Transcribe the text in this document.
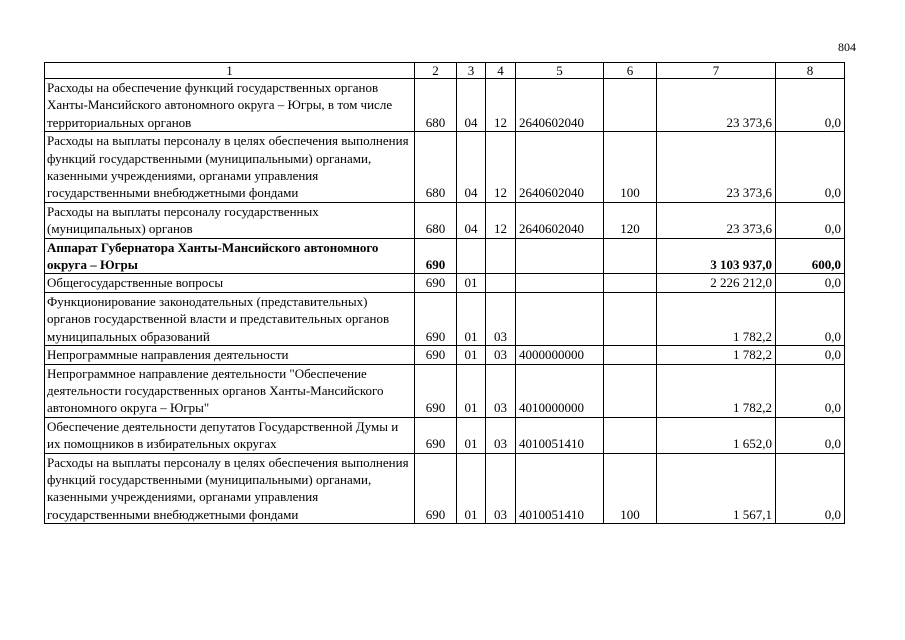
804
1	2	3	4	5	6	7	8
Расходы на обеспечение функций государственных органов Ханты-Мансийского автономного округа – Югры, в том числе территориальных органов	680	04	12	2640602040		23 373,6	0,0
Расходы на выплаты персоналу в целях обеспечения выполнения функций государственными (муниципальными) органами, казенными учреждениями, органами управления государственными внебюджетными фондами	680	04	12	2640602040	100	23 373,6	0,0
Расходы на выплаты персоналу государственных (муниципальных) органов	680	04	12	2640602040	120	23 373,6	0,0
Аппарат Губернатора Ханты-Мансийского автономного округа – Югры	690					3 103 937,0	600,0
Общегосударственные вопросы	690	01				2 226 212,0	0,0
Функционирование законодательных (представительных) органов государственной власти и представительных органов муниципальных образований	690	01	03			1 782,2	0,0
Непрограммные направления деятельности	690	01	03	4000000000		1 782,2	0,0
Непрограммное направление деятельности "Обеспечение деятельности государственных органов Ханты-Мансийского автономного округа – Югры"	690	01	03	4010000000		1 782,2	0,0
Обеспечение деятельности депутатов Государственной Думы и их помощников в избирательных округах	690	01	03	4010051410		1 652,0	0,0
Расходы на выплаты персоналу в целях обеспечения выполнения функций государственными (муниципальными) органами, казенными учреждениями, органами управления государственными внебюджетными фондами	690	01	03	4010051410	100	1 567,1	0,0
